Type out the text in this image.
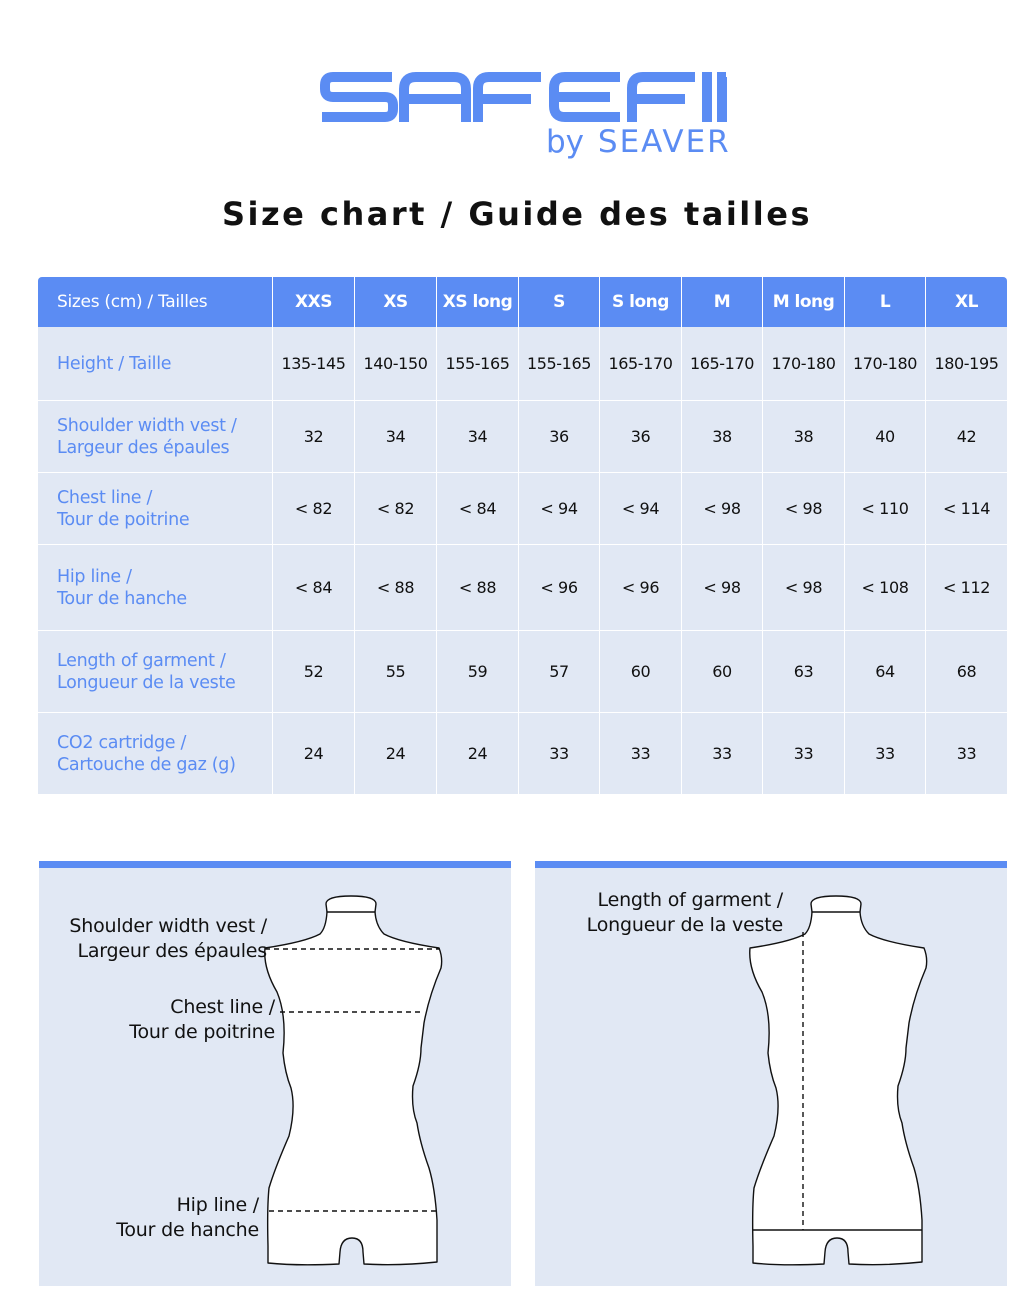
SAFEFIT
by SEAVER
Size chart / Guide des tailles
Sizes (cm) / Tailles	XXS	XS	XS long	S	S long	M	M long	L	XL

Height / Taille	135-145	140-150	155-165	155-165	165-170	165-170	170-180	170-180	180-195

Shoulder width vest /
Largeur des épaules	32	34	34	36	36	38	38	40	42

Chest line /
Tour de poitrine	< 82	< 82	< 84	< 94	< 94	< 98	< 98	< 110	< 114

Hip line /
Tour de hanche	< 84	< 88	< 88	< 96	< 96	< 98	< 98	< 108	< 112

Length of garment /
Longueur de la veste	52	55	59	57	60	60	63	64	68

CO2 cartridge /
Cartouche de gaz (g)	24	24	24	33	33	33	33	33	33
Shoulder width vest /
Largeur des épaules
Chest line /
Tour de poitrine
Hip line /
Tour de hanche
Length of garment /
Longueur de la veste
